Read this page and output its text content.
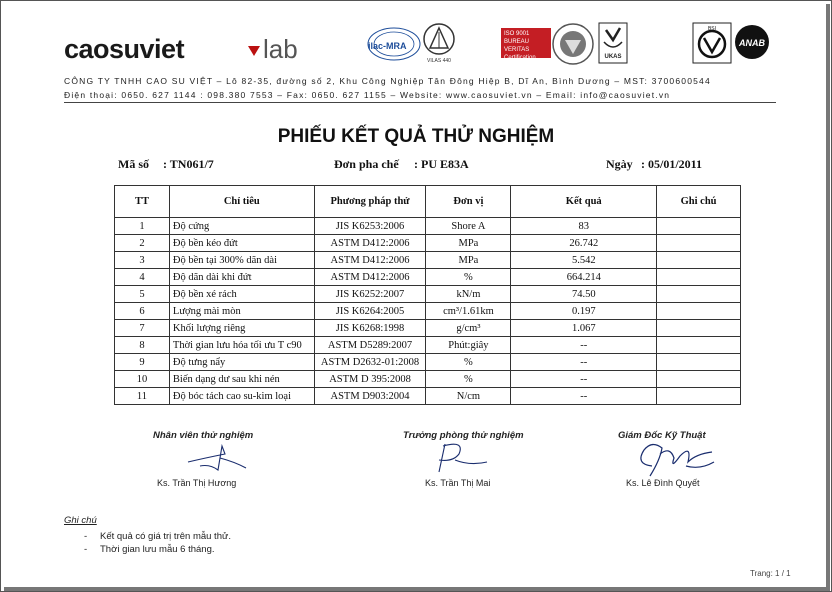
caosuviet	lab	ilac-MRA
VILAS 440
ISO 9001 BUREAU VERITAS Certification	UKAS
BSI
ANAB
CÔNG TY TNHH CAO SU VIỆT – Lô 82-35, đường số 2, Khu Công Nghiệp Tân Đông Hiệp B, Dĩ An, Bình Dương – MST: 3700600544
Điện thoại: 0650. 627 1144 : 098.380 7553 – Fax: 0650. 627 1155 – Website: www.caosuviet.vn – Email: info@caosuviet.vn
PHIẾU KẾT QUẢ THỬ NGHIỆM
Mã số : TN061/7	Đơn pha chế : PU E83A	Ngày : 05/01/2011
TT	Chỉ tiêu	Phương pháp thử	Đơn vị	Kết quả	Ghi chú
1	Độ cứng	JIS K6253:2006	Shore A	83	
2	Độ bền kéo đứt	ASTM D412:2006	MPa	26.742	
3	Độ bền tại 300% dãn dài	ASTM D412:2006	MPa	5.542	
4	Độ dãn dài khi đứt	ASTM D412:2006	%	664.214	
5	Độ bền xé rách	JIS K6252:2007	kN/m	74.50	
6	Lượng mài mòn	JIS K6264:2005	cm³/1.61km	0.197	
7	Khối lượng riêng	JIS K6268:1998	g/cm³	1.067	
8	Thời gian lưu hóa tối ưu T c90	ASTM D5289:2007	Phút:giây	--	
9	Độ tưng nẩy	ASTM D2632-01:2008	%	--	
10	Biến dạng dư sau khi nén	ASTM D 395:2008	%	--	
11	Độ bóc tách cao su-kim loại	ASTM D903:2004	N/cm	--	
Nhân viên thử nghiệm
Ks. Trần Thị Hương
Trưởng phòng thử nghiệm
Ks. Trần Thị Mai
Giám Đốc Kỹ Thuật
Ks. Lê Đình Quyết
Ghi chú
- Kết quả có giá trị trên mẫu thử.
- Thời gian lưu mẫu 6 tháng.
Trang: 1 / 1
